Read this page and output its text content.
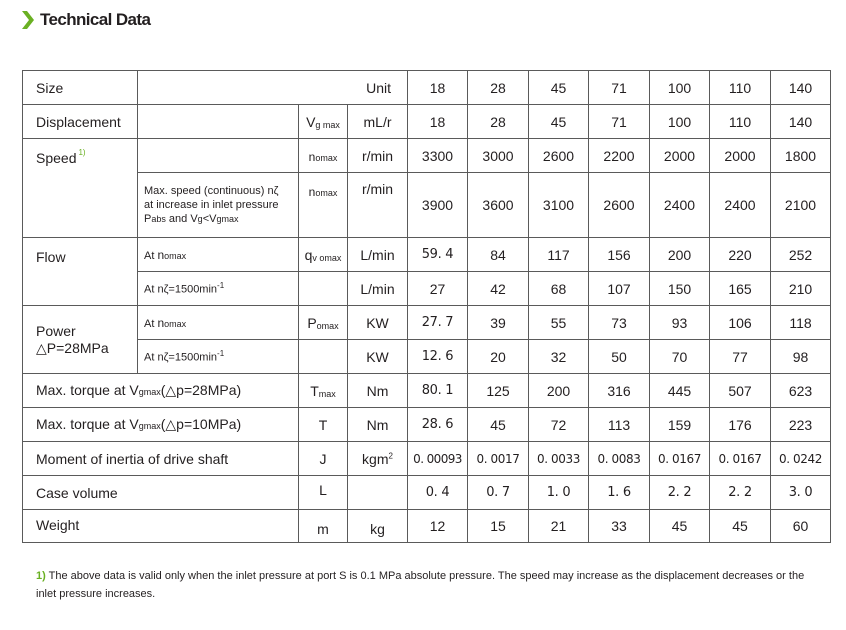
Technical Data
Size	Unit			18	28	45	71	100	110	140
Displacement		Vg max	mL/r	18	28	45	71	100	110	140
Speed $^{1)}$		nomax	r/min	3300	3000	2600	2200	2000	2000	1800

	Max. speed (continuous) nζ
at increase in inlet pressure
Pabs and Vg<Vgmax	nomax	r/min	3900	3600	3100	2600	2400	2400	2100
Flow	At nomax	qv omax	L/min	59. 4	84	117	156	200	220	252
	At $n\zeta=1500\min^{-1}$		L/min	27	42	68	107	150	165	210

Power
△P=28MPa	At nomax	Pomax	KW	27. 7	39	55	73	93	106	118
	At $n\zeta=1500\min^{-1}$		KW	12. 6	20	32	50	70	77	98
Max. torque at Vgmax(△p=28MPa)		Tmax	Nm	80. 1	125	200	316	445	507	623
Max. torque at Vgmax(△p=10MPa)		T	Nm	28. 6	45	72	113	159	176	223
Moment of inertia of drive shaft		J	kgm$^2$	0. 00093	0. 0017	0. 0033	0. 0083	0. 0167	0. 0167	0. 0242
Case volume		L		0. 4	0. 7	1. 0	1. 6	2. 2	2. 2	3. 0
Weight		m	kg	12	15	21	33	45	45	60
1) The above data is valid only when the inlet pressure at port S is 0.1 MPa absolute pressure. The speed may increase as the displacement decreases or the inlet pressure increases.
